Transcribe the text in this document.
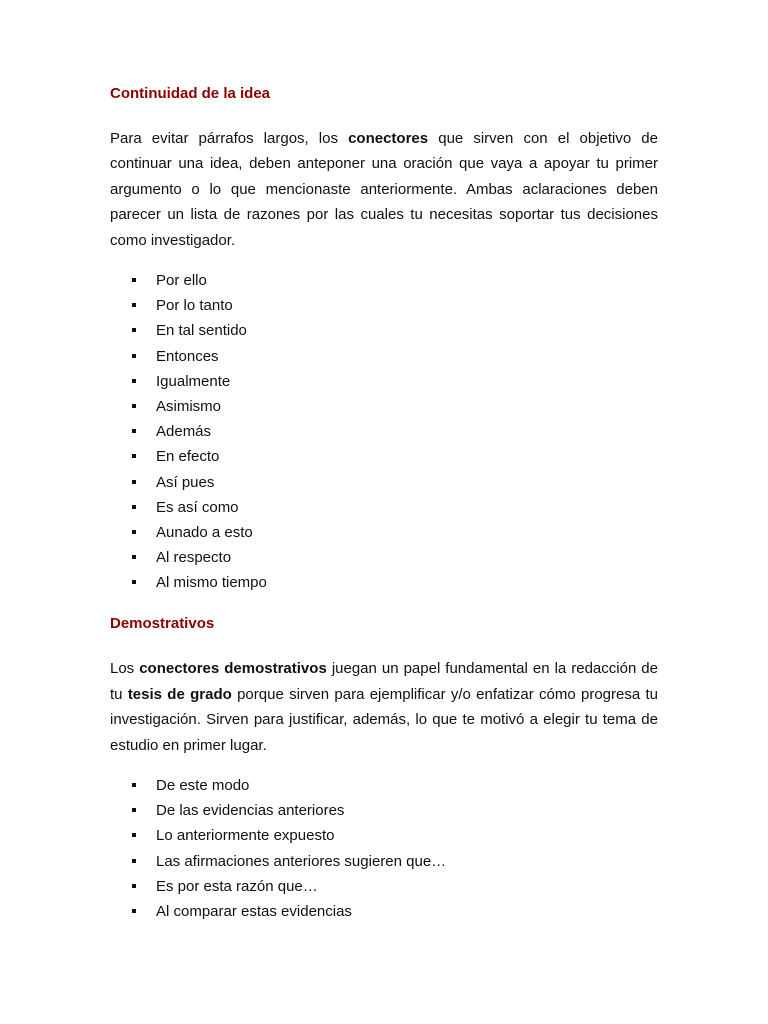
Continuidad de la idea

Para evitar párrafos largos, los conectores que sirven con el objetivo de continuar una idea, deben anteponer una oración que vaya a apoyar tu primer argumento o lo que mencionaste anteriormente. Ambas aclaraciones deben parecer un lista de razones por las cuales tu necesitas soportar tus decisiones como investigador.

Por ello
Por lo tanto
En tal sentido
Entonces
Igualmente
Asimismo
Además
En efecto
Así pues
Es así como
Aunado a esto
Al respecto
Al mismo tiempo
Demostrativos

Los conectores demostrativos juegan un papel fundamental en la redacción de tu tesis de grado porque sirven para ejemplificar y/o enfatizar cómo progresa tu investigación. Sirven para justificar, además, lo que te motivó a elegir tu tema de estudio en primer lugar.

De este modo
De las evidencias anteriores
Lo anteriormente expuesto
Las afirmaciones anteriores sugieren que…
Es por esta razón que…
Al comparar estas evidencias
